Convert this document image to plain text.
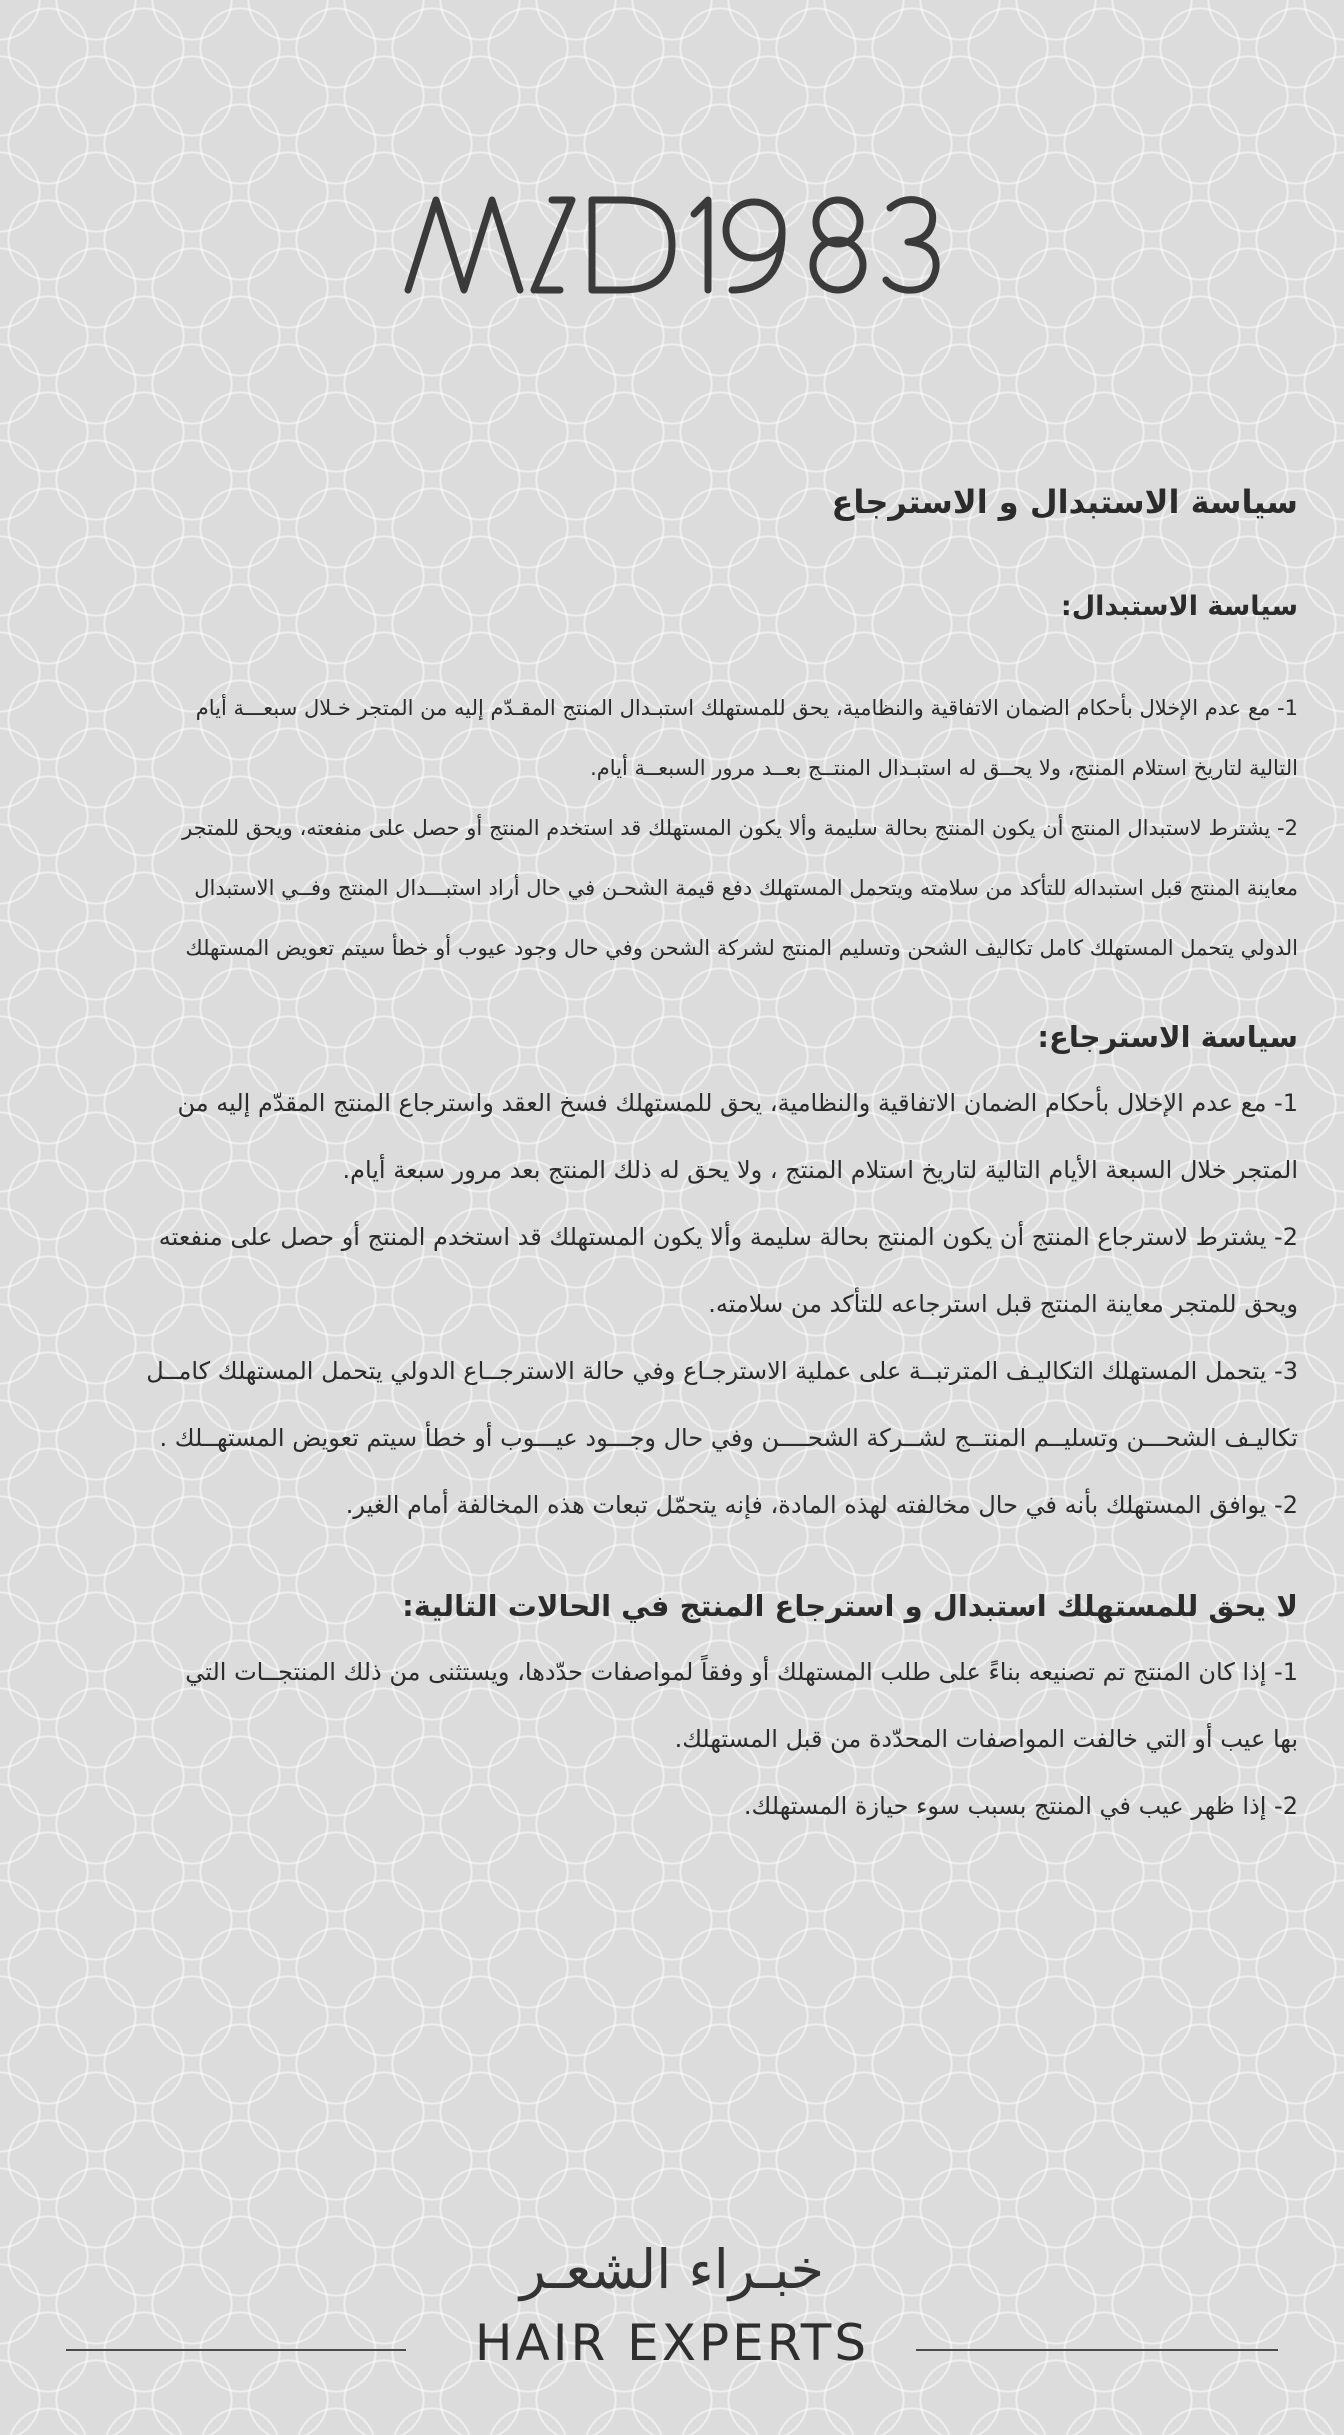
سياسة الاستبدال و الاسترجاع
سياسة الاستبدال:

1- مع عدم الإخلال بأحكام الضمان الاتفاقية والنظامية، يحق للمستهلك استبـدال المنتج المقـدّم إليه من المتجر خـلال سبعـــة أيام

التالية لتاريخ استلام المنتج، ولا يحــق له استبـدال المنتــج بعــد مرور السبعــة أيام.

2- يشترط لاستبدال المنتج أن يكون المنتج بحالة سليمة وألا يكون المستهلك قد استخدم المنتج أو حصل على منفعته، ويحق للمتجر

معاينة المنتج قبل استبداله للتأكد من سلامته ويتحمل المستهلك دفع قيمة الشحـن في حال أراد استبـــدال المنتج وفــي الاستبدال

الدولي يتحمل المستهلك كامل تكاليف الشحن وتسليم المنتج لشركة الشحن وفي حال وجود عيوب أو خطأ سيتم تعويض المستهلك

سياسة الاسترجاع:

1- مع عدم الإخلال بأحكام الضمان الاتفاقية والنظامية، يحق للمستهلك فسخ العقد واسترجاع المنتج المقدّم إليه من

المتجر خلال السبعة الأيام التالية لتاريخ استلام المنتج ، ولا يحق له ذلك المنتج بعد مرور سبعة أيام.

2- يشترط لاسترجاع المنتج أن يكون المنتج بحالة سليمة وألا يكون المستهلك قد استخدم المنتج أو حصل على منفعته

ويحق للمتجر معاينة المنتج قبل استرجاعه للتأكد من سلامته.

3- يتحمل المستهلك التكاليـف المترتبــة على عملية الاسترجـاع وفي حالة الاسترجــاع الدولي يتحمل المستهلك كامــل

تكاليـف الشحـــن وتسليــم المنتــج لشــركة الشحــــن وفي حال وجـــود عيـــوب أو خطأ سيتم تعويض المستهــلك .

2- يوافق المستهلك بأنه في حال مخالفته لهذه المادة، فإنه يتحمّل تبعات هذه المخالفة أمام الغير.

لا يحق للمستهلك استبدال و استرجاع المنتج في الحالات التالية:

1- إذا كان المنتج تم تصنيعه بناءً على طلب المستهلك أو وفقاً لمواصفات حدّدها، ويستثنى من ذلك المنتجــات التي

بها عيب أو التي خالفت المواصفات المحدّدة من قبل المستهلك.

2- إذا ظهر عيب في المنتج بسبب سوء حيازة المستهلك.

خبـراء الشعـر
HAIR EXPERTS
